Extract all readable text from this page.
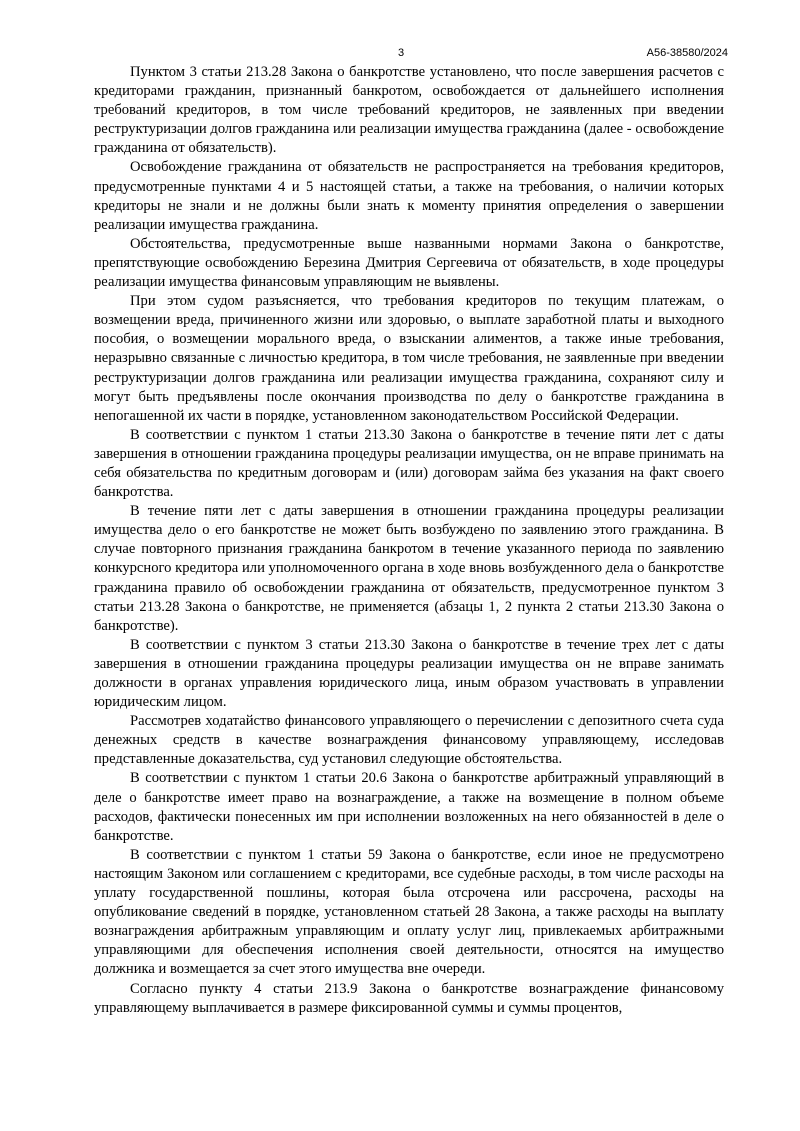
3	А56-38580/2024

Пунктом 3 статьи 213.28 Закона о банкротстве установлено, что после завершения расчетов с кредиторами гражданин, признанный банкротом, освобождается от дальнейшего исполнения требований кредиторов, в том числе требований кредиторов, не заявленных при введении реструктуризации долгов гражданина или реализации имущества гражданина (далее - освобождение гражданина от обязательств).

Освобождение гражданина от обязательств не распространяется на требования кредиторов, предусмотренные пунктами 4 и 5 настоящей статьи, а также на требования, о наличии которых кредиторы не знали и не должны были знать к моменту принятия определения о завершении реализации имущества гражданина.

Обстоятельства, предусмотренные выше названными нормами Закона о банкротстве, препятствующие освобождению Березина Дмитрия Сергеевича от обязательств, в ходе процедуры реализации имущества финансовым управляющим не выявлены.

При этом судом разъясняется, что требования кредиторов по текущим платежам, о возмещении вреда, причиненного жизни или здоровью, о выплате заработной платы и выходного пособия, о возмещении морального вреда, о взыскании алиментов, а также иные требования, неразрывно связанные с личностью кредитора, в том числе требования, не заявленные при введении реструктуризации долгов гражданина или реализации имущества гражданина, сохраняют силу и могут быть предъявлены после окончания производства по делу о банкротстве гражданина в непогашенной их части в порядке, установленном законодательством Российской Федерации.

В соответствии с пунктом 1 статьи 213.30 Закона о банкротстве в течение пяти лет с даты завершения в отношении гражданина процедуры реализации имущества, он не вправе принимать на себя обязательства по кредитным договорам и (или) договорам займа без указания на факт своего банкротства.

В течение пяти лет с даты завершения в отношении гражданина процедуры реализации имущества дело о его банкротстве не может быть возбуждено по заявлению этого гражданина. В случае повторного признания гражданина банкротом в течение указанного периода по заявлению конкурсного кредитора или уполномоченного органа в ходе вновь возбужденного дела о банкротстве гражданина правило об освобождении гражданина от обязательств, предусмотренное пунктом 3 статьи 213.28 Закона о банкротстве, не применяется (абзацы 1, 2 пункта 2 статьи 213.30 Закона о банкротстве).

В соответствии с пунктом 3 статьи 213.30 Закона о банкротстве в течение трех лет с даты завершения в отношении гражданина процедуры реализации имущества он не вправе занимать должности в органах управления юридического лица, иным образом участвовать в управлении юридическим лицом.

Рассмотрев ходатайство финансового управляющего о перечислении с депозитного счета суда денежных средств в качестве вознаграждения финансовому управляющему, исследовав представленные доказательства, суд установил следующие обстоятельства.

В соответствии с пунктом 1 статьи 20.6 Закона о банкротстве арбитражный управляющий в деле о банкротстве имеет право на вознаграждение, а также на возмещение в полном объеме расходов, фактически понесенных им при исполнении возложенных на него обязанностей в деле о банкротстве.

В соответствии с пунктом 1 статьи 59 Закона о банкротстве, если иное не предусмотрено настоящим Законом или соглашением с кредиторами, все судебные расходы, в том числе расходы на уплату государственной пошлины, которая была отсрочена или рассрочена, расходы на опубликование сведений в порядке, установленном статьей 28 Закона, а также расходы на выплату вознаграждения арбитражным управляющим и оплату услуг лиц, привлекаемых арбитражными управляющими для обеспечения исполнения своей деятельности, относятся на имущество должника и возмещается за счет этого имущества вне очереди.

Согласно пункту 4 статьи 213.9 Закона о банкротстве вознаграждение финансовому управляющему выплачивается в размере фиксированной суммы и суммы процентов,
